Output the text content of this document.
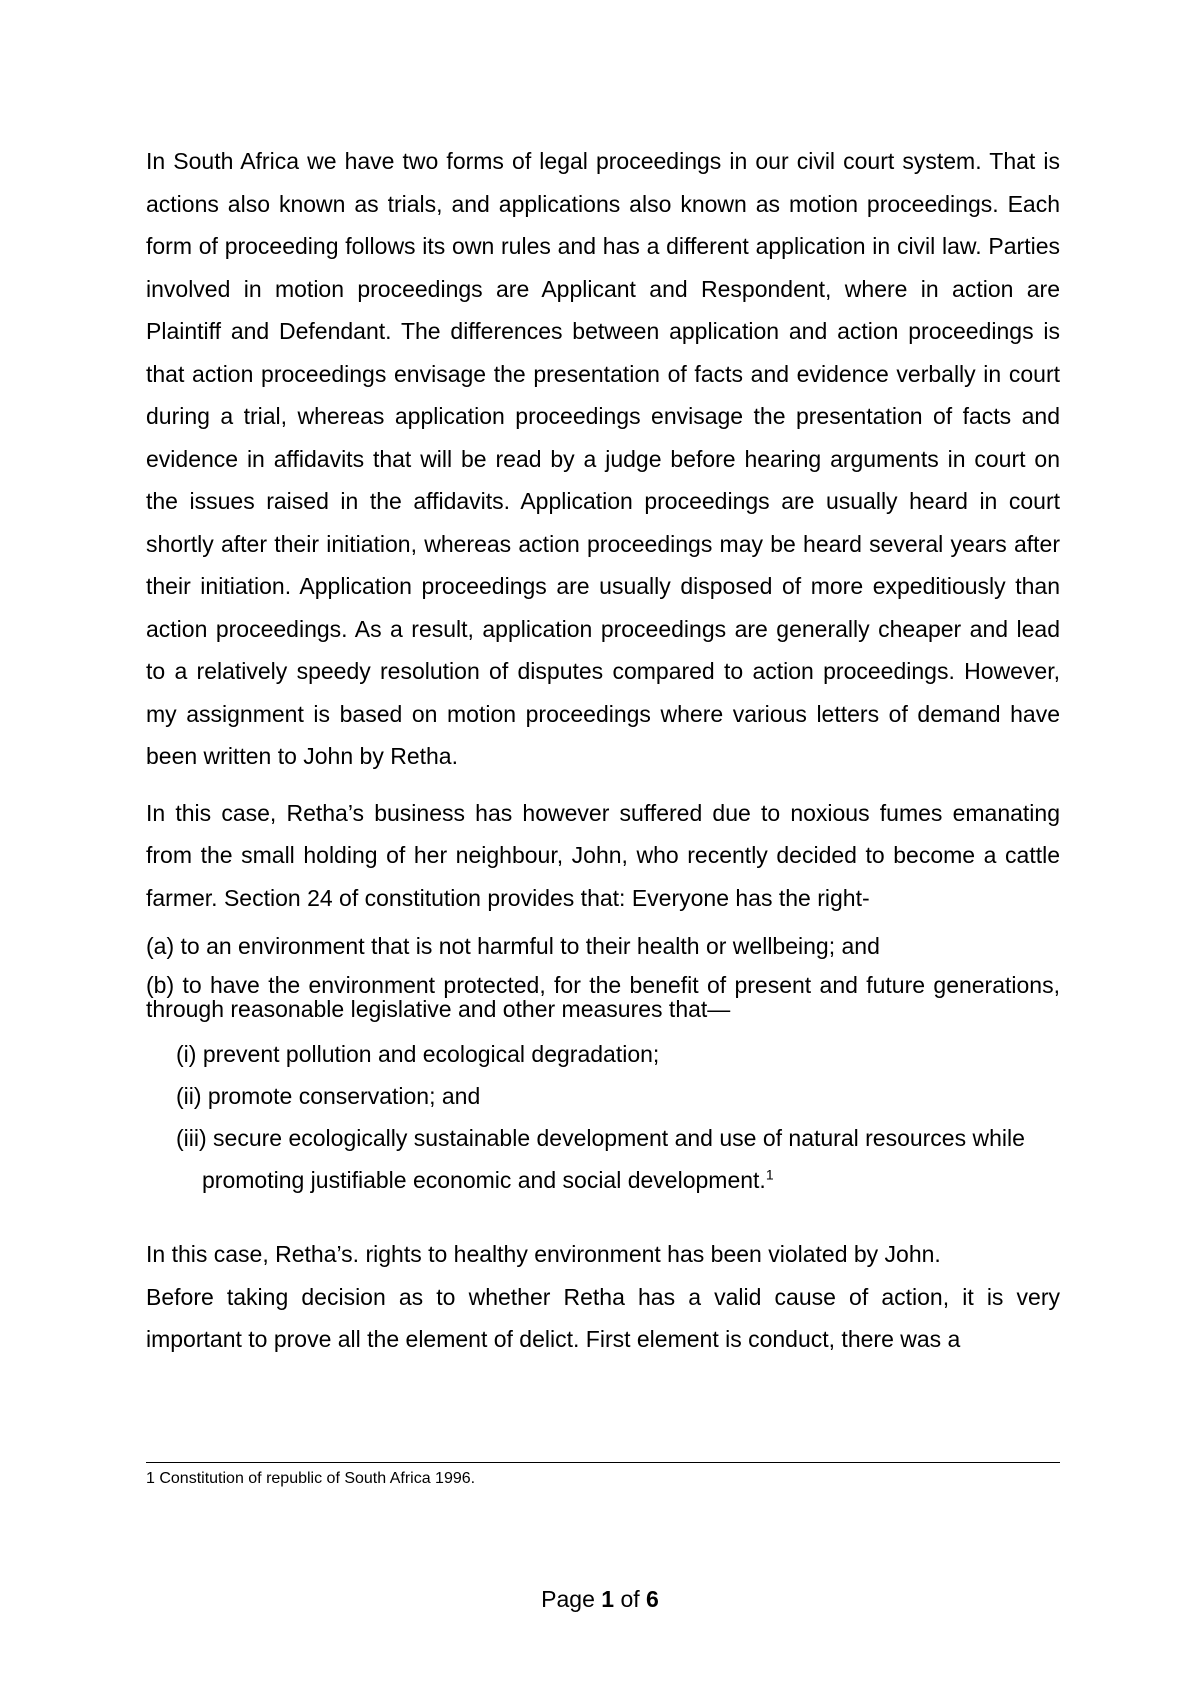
In South Africa we have two forms of legal proceedings in our civil court system. That is actions also known as trials, and applications also known as motion proceedings. Each form of proceeding follows its own rules and has a different application in civil law. Parties involved in motion proceedings are Applicant and Respondent, where in action are Plaintiff and Defendant. The differences between application and action proceedings is that action proceedings envisage the presentation of facts and evidence verbally in court during a trial, whereas application proceedings envisage the presentation of facts and evidence in affidavits that will be read by a judge before hearing arguments in court on the issues raised in the affidavits. Application proceedings are usually heard in court shortly after their initiation, whereas action proceedings may be heard several years after their initiation. Application proceedings are usually disposed of more expeditiously than action proceedings. As a result, application proceedings are generally cheaper and lead to a relatively speedy resolution of disputes compared to action proceedings. However, my assignment is based on motion proceedings where various letters of demand have been written to John by Retha.

In this case, Retha’s business has however suffered due to noxious fumes emanating from the small holding of her neighbour, John, who recently decided to become a cattle farmer. Section 24 of constitution provides that: Everyone has the right-

(a) to an environment that is not harmful to their health or wellbeing; and

(b) to have the environment protected, for the benefit of present and future generations, through reasonable legislative and other measures that—

(i) prevent pollution and ecological degradation;

(ii) promote conservation; and

(iii) secure ecologically sustainable development and use of natural resources while

promoting justifiable economic and social development.$^1$

In this case, Retha’s. rights to healthy environment has been violated by John.

Before taking decision as to whether Retha has a valid cause of action, it is very important to prove all the element of delict. First element is conduct, there was a

1 Constitution of republic of South Africa 1996.
Page 1 of 6
